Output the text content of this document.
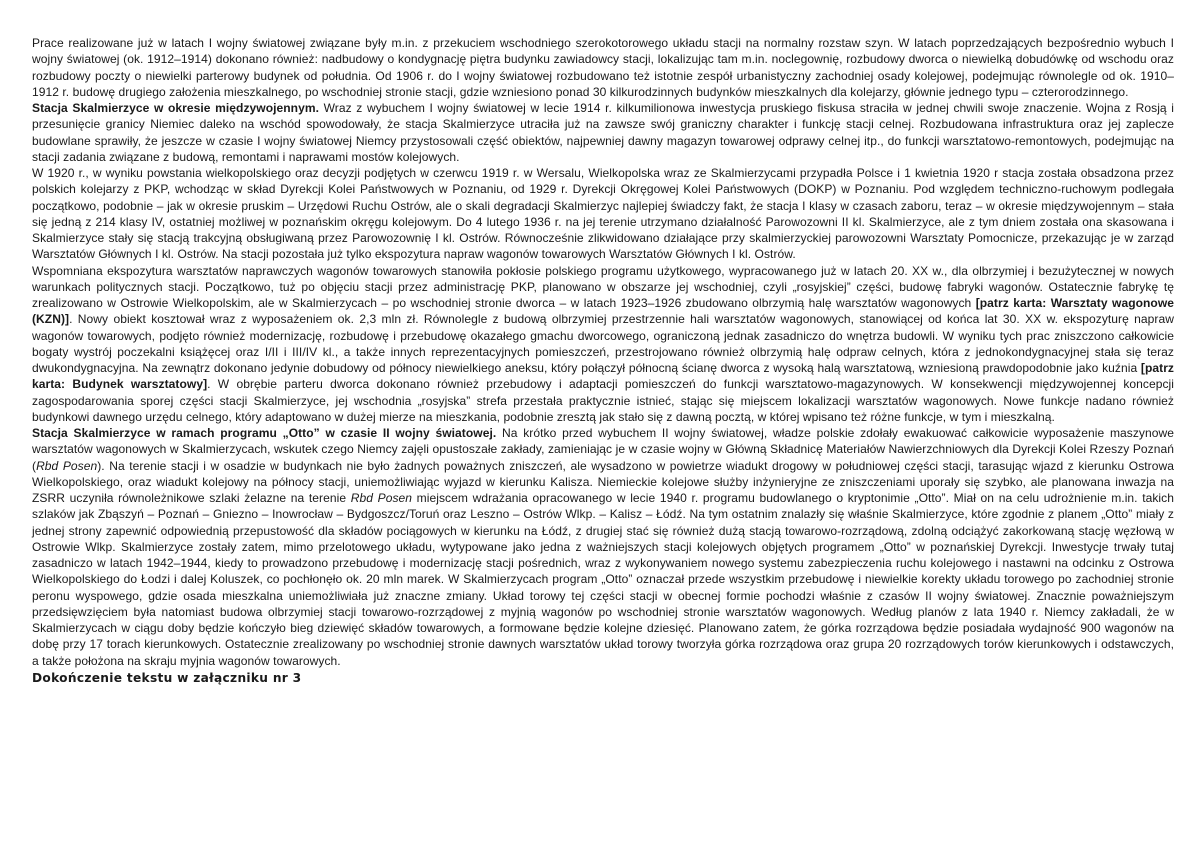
Prace realizowane już w latach I wojny światowej związane były m.in. z przekuciem wschodniego szerokotorowego układu stacji na normalny rozstaw szyn. W latach poprzedzających bezpośrednio wybuch I wojny światowej (ok. 1912–1914) dokonano również: nadbudowy o kondygnację piętra budynku zawiadowcy stacji, lokalizując tam m.in. noclegownię, rozbudowy dworca o niewielką dobudówkę od wschodu oraz rozbudowy poczty o niewielki parterowy budynek od południa. Od 1906 r. do I wojny światowej rozbudowano też istotnie zespół urbanistyczny zachodniej osady kolejowej, podejmując równolegle od ok. 1910–1912 r. budowę drugiego założenia mieszkalnego, po wschodniej stronie stacji, gdzie wzniesiono ponad 30 kilkurodzinnych budynków mieszkalnych dla kolejarzy, głównie jednego typu – czterorodzinnego.

Stacja Skalmierzyce w okresie międzywojennym. Wraz z wybuchem I wojny światowej w lecie 1914 r. kilkumilionowa inwestycja pruskiego fiskusa straciła w jednej chwili swoje znaczenie. Wojna z Rosją i przesunięcie granicy Niemiec daleko na wschód spowodowały, że stacja Skalmierzyce utraciła już na zawsze swój graniczny charakter i funkcję stacji celnej. Rozbudowana infrastruktura oraz jej zaplecze budowlane sprawiły, że jeszcze w czasie I wojny światowej Niemcy przystosowali część obiektów, najpewniej dawny magazyn towarowej odprawy celnej itp., do funkcji warsztatowo-remontowych, podejmując na stacji zadania związane z budową, remontami i naprawami mostów kolejowych.

W 1920 r., w wyniku powstania wielkopolskiego oraz decyzji podjętych w czerwcu 1919 r. w Wersalu, Wielkopolska wraz ze Skalmierzycami przypadła Polsce i 1 kwietnia 1920 r stacja została obsadzona przez polskich kolejarzy z PKP, wchodząc w skład Dyrekcji Kolei Państwowych w Poznaniu, od 1929 r. Dyrekcji Okręgowej Kolei Państwowych (DOKP) w Poznaniu. Pod względem techniczno-ruchowym podlegała początkowo, podobnie – jak w okresie pruskim – Urzędowi Ruchu Ostrów, ale o skali degradacji Skalmierzyc najlepiej świadczy fakt, że stacja I klasy w czasach zaboru, teraz – w okresie międzywojennym – stała się jedną z 214 klasy IV, ostatniej możliwej w poznańskim okręgu kolejowym. Do 4 lutego 1936 r. na jej terenie utrzymano działalność Parowozowni II kl. Skalmierzyce, ale z tym dniem została ona skasowana i Skalmierzyce stały się stacją trakcyjną obsługiwaną przez Parowozownię I kl. Ostrów. Równocześnie zlikwidowano działające przy skalmierzyckiej parowozowni Warsztaty Pomocnicze, przekazując je w zarząd Warsztatów Głównych I kl. Ostrów. Na stacji pozostała już tylko ekspozytura napraw wagonów towarowych Warsztatów Głównych I kl. Ostrów.

Wspomniana ekspozytura warsztatów naprawczych wagonów towarowych stanowiła pokłosie polskiego programu użytkowego, wypracowanego już w latach 20. XX w., dla olbrzymiej i bezużytecznej w nowych warunkach politycznych stacji. Początkowo, tuż po objęciu stacji przez administrację PKP, planowano w obszarze jej wschodniej, czyli „rosyjskiej” części, budowę fabryki wagonów. Ostatecznie fabrykę tę zrealizowano w Ostrowie Wielkopolskim, ale w Skalmierzycach – po wschodniej stronie dworca – w latach 1923–1926 zbudowano olbrzymią halę warsztatów wagonowych [patrz karta: Warsztaty wagonowe (KZN)]. Nowy obiekt kosztował wraz z wyposażeniem ok. 2,3 mln zł. Równolegle z budową olbrzymiej przestrzennie hali warsztatów wagonowych, stanowiącej od końca lat 30. XX w. ekspozyturę napraw wagonów towarowych, podjęto również modernizację, rozbudowę i przebudowę okazałego gmachu dworcowego, ograniczoną jednak zasadniczo do wnętrza budowli. W wyniku tych prac zniszczono całkowicie bogaty wystrój poczekalni książęcej oraz I/II i III/IV kl., a także innych reprezentacyjnych pomieszczeń, przestrojowano również olbrzymią halę odpraw celnych, która z jednokondygnacyjnej stała się teraz dwukondygnacyjna. Na zewnątrz dokonano jedynie dobudowy od północy niewielkiego aneksu, który połączył północną ścianę dworca z wysoką halą warsztatową, wzniesioną prawdopodobnie jako kuźnia [patrz karta: Budynek warsztatowy]. W obrębie parteru dworca dokonano również przebudowy i adaptacji pomieszczeń do funkcji warsztatowo-magazynowych. W konsekwencji międzywojennej koncepcji zagospodarowania sporej części stacji Skalmierzyce, jej wschodnia „rosyjska” strefa przestała praktycznie istnieć, stając się miejscem lokalizacji warsztatów wagonowych. Nowe funkcje nadano również budynkowi dawnego urzędu celnego, który adaptowano w dużej mierze na mieszkania, podobnie zresztą jak stało się z dawną pocztą, w której wpisano też różne funkcje, w tym i mieszkalną.

Stacja Skalmierzyce w ramach programu „Otto” w czasie II wojny światowej. Na krótko przed wybuchem II wojny światowej, władze polskie zdołały ewakuować całkowicie wyposażenie maszynowe warsztatów wagonowych w Skalmierzycach, wskutek czego Niemcy zajęli opustoszałe zakłady, zamieniając je w czasie wojny w Główną Składnicę Materiałów Nawierzchniowych dla Dyrekcji Kolei Rzeszy Poznań (Rbd Posen). Na terenie stacji i w osadzie w budynkach nie było żadnych poważnych zniszczeń, ale wysadzono w powietrze wiadukt drogowy w południowej części stacji, tarasując wjazd z kierunku Ostrowa Wielkopolskiego, oraz wiadukt kolejowy na północy stacji, uniemożliwiając wyjazd w kierunku Kalisza. Niemieckie kolejowe służby inżynieryjne ze zniszczeniami uporały się szybko, ale planowana inwazja na ZSRR uczyniła równoleżnikowe szlaki żelazne na terenie Rbd Posen miejscem wdrażania opracowanego w lecie 1940 r. programu budowlanego o kryptonimie „Otto”. Miał on na celu udrożnienie m.in. takich szlaków jak Zbąszyń – Poznań – Gniezno – Inowrocław – Bydgoszcz/Toruń oraz Leszno – Ostrów Wlkp. – Kalisz – Łódź. Na tym ostatnim znalazły się właśnie Skalmierzyce, które zgodnie z planem „Otto” miały z jednej strony zapewnić odpowiednią przepustowość dla składów pociągowych w kierunku na Łódź, z drugiej stać się również dużą stacją towarowo-rozrządową, zdolną odciążyć zakorkowaną stację węzłową w Ostrowie Wlkp. Skalmierzyce zostały zatem, mimo przelotowego układu, wytypowane jako jedna z ważniejszych stacji kolejowych objętych programem „Otto” w poznańskiej Dyrekcji. Inwestycje trwały tutaj zasadniczo w latach 1942–1944, kiedy to prowadzono przebudowę i modernizację stacji pośrednich, wraz z wykonywaniem nowego systemu zabezpieczenia ruchu kolejowego i nastawni na odcinku z Ostrowa Wielkopolskiego do Łodzi i dalej Koluszek, co pochłonęło ok. 20 mln marek. W Skalmierzycach program „Otto” oznaczał przede wszystkim przebudowę i niewielkie korekty układu torowego po zachodniej stronie peronu wyspowego, gdzie osada mieszkalna uniemożliwiała już znaczne zmiany. Układ torowy tej części stacji w obecnej formie pochodzi właśnie z czasów II wojny światowej. Znacznie poważniejszym przedsięwzięciem była natomiast budowa olbrzymiej stacji towarowo-rozrządowej z myjnią wagonów po wschodniej stronie warsztatów wagonowych. Według planów z lata 1940 r. Niemcy zakładali, że w Skalmierzycach w ciągu doby będzie kończyło bieg dziewięć składów towarowych, a formowane będzie kolejne dziesięć. Planowano zatem, że górka rozrządowa będzie posiadała wydajność 900 wagonów na dobę przy 17 torach kierunkowych. Ostatecznie zrealizowany po wschodniej stronie dawnych warsztatów układ torowy tworzyła górka rozrządowa oraz grupa 20 rozrządowych torów kierunkowych i odstawczych, a także położona na skraju myjnia wagonów towarowych.

Dokończenie tekstu w załączniku nr 3
